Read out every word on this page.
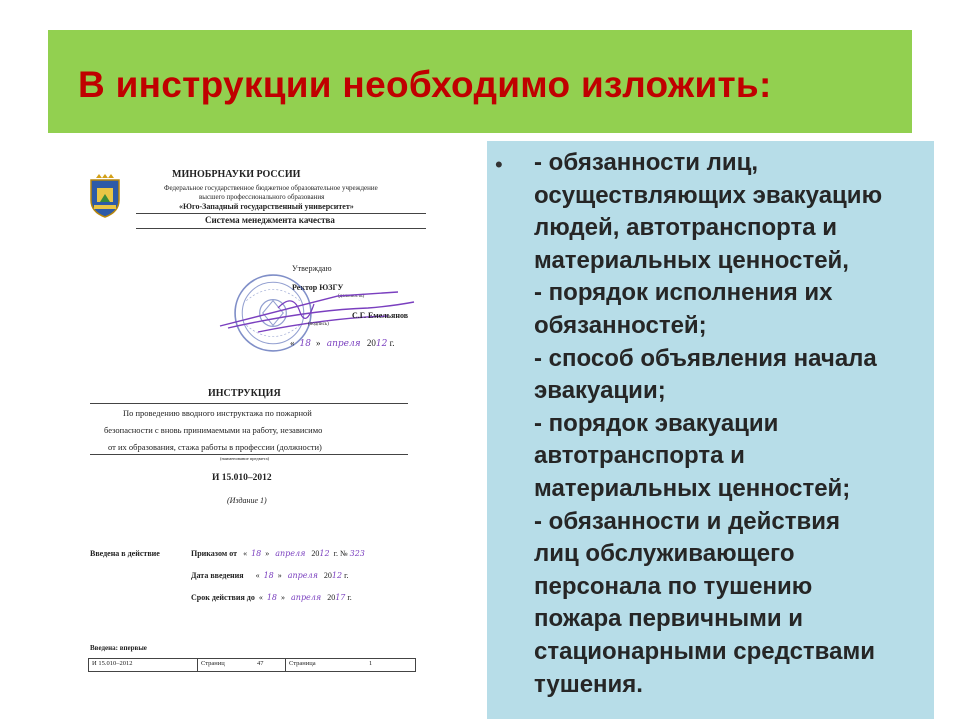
В инструкции необходимо изложить:
МИНОБРНАУКИ РОССИИ
Федеральное государственное бюджетное образовательное учреждение
высшего профессионального образования
«Юго-Западный государственный университет»
Система менеджмента качества
Утверждаю
Ректор ЮЗГУ
(должность)
С.Г. Емельянов
(подпись)
« 18 » апреля 2012 г.
ИНСТРУКЦИЯ
По проведению вводного инструктажа по пожарной
безопасности с вновь принимаемыми на работу, независимо
от их образования, стажа работы в профессии (должности)
(наименование предмета)
И 15.010–2012
(Издание 1)
Введена в действие	Приказом от « 18 » апреля 2012 г. № 323
Дата введения « 18 » апреля 2012 г.
Срок действия до « 18 » апреля 2017 г.
Введена: впервые
И 15.010–2012	Страниц	47	Страница	1
• - обязанности лиц,
осуществляющих эвакуацию
людей, автотранспорта и
материальных ценностей,
- порядок исполнения их
обязанностей;
- способ объявления начала
эвакуации;
- порядок эвакуации
автотранспорта и
материальных ценностей;
- обязанности и действия
лиц обслуживающего
персонала по тушению
пожара первичными и
стационарными средствами
тушения.
